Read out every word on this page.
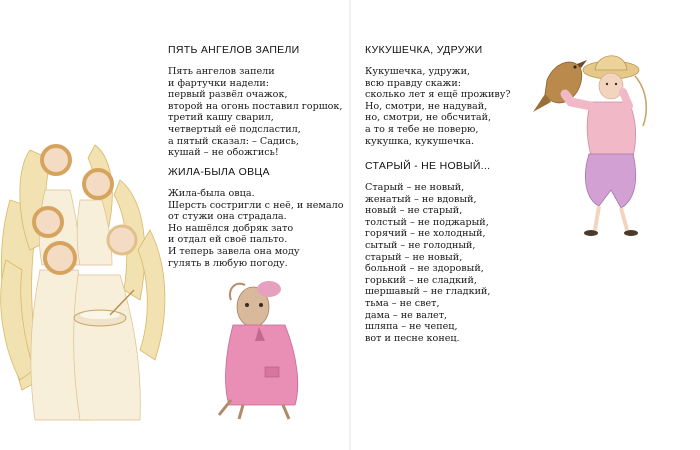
ПЯТЬ АНГЕЛОВ ЗАПЕЛИ
Пять ангелов запели
и фартучки надели:
первый развёл очажок,
второй на огонь поставил горшок,
третий кашу сварил,
четвертый её подсластил,
а пятый сказал: – Садись,
кушай – не обожгись!
ЖИЛА-БЫЛА ОВЦА
Жила-была овца.
Шерсть состригли с неё, и немало
от стужи она страдала.
Но нашёлся добряк зато
и отдал ей своё пальто.
И теперь завела она моду
гулять в любую погоду.
КУКУШЕЧКА, УДРУЖИ
Кукушечка, удружи,
всю правду скажи:
сколько лет я ещё проживу?
Но, смотри, не надувай,
но, смотри, не обсчитай,
а то я тебе не поверю,
кукушка, кукушечка.
СТАРЫЙ - НЕ НОВЫЙ...
Старый – не новый,
женатый – не вдовый,
новый – не старый,
толстый – не поджарый,
горячий – не холодный,
сытый – не голодный,
старый – не новый,
больной – не здоровый,
горький – не сладкий,
шершавый – не гладкий,
тьма – не свет,
дама – не валет,
шляпа – не чепец,
вот и песне конец.
